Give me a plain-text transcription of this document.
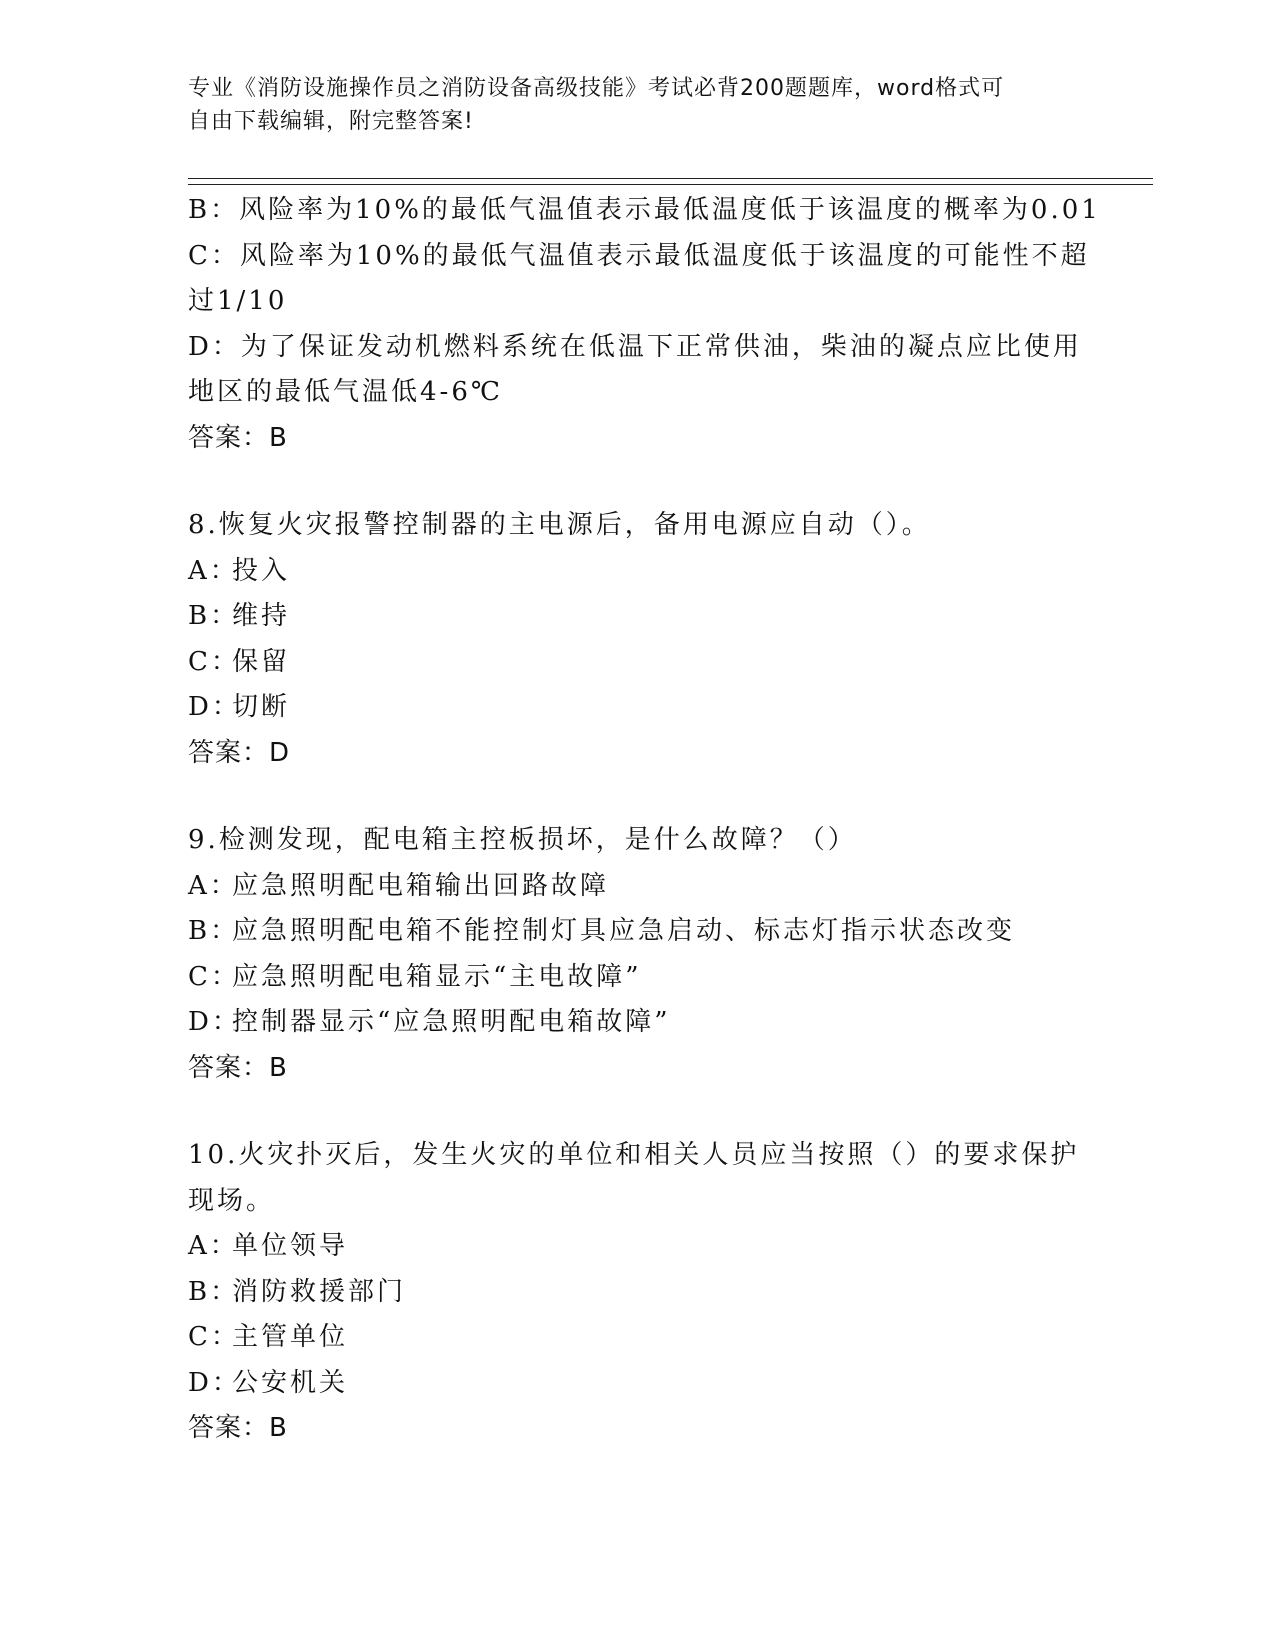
专业《消防设施操作员之消防设备高级技能》考试必背200题题库，word格式可
自由下载编辑，附完整答案!
B：风险率为10%的最低气温值表示最低温度低于该温度的概率为0.01
C：风险率为10%的最低气温值表示最低温度低于该温度的可能性不超
过1/10
D：为了保证发动机燃料系统在低温下正常供油，柴油的凝点应比使用
地区的最低气温低4-6℃
答案：B
8.恢复火灾报警控制器的主电源后，备用电源应自动（）。
A：投入
B：维持
C：保留
D：切断
答案：D
9.检测发现，配电箱主控板损坏，是什么故障？（）
A：应急照明配电箱输出回路故障
B：应急照明配电箱不能控制灯具应急启动、标志灯指示状态改变
C：应急照明配电箱显示“主电故障”
D：控制器显示“应急照明配电箱故障”
答案：B
10.火灾扑灭后，发生火灾的单位和相关人员应当按照（）的要求保护
现场。
A：单位领导
B：消防救援部门
C：主管单位
D：公安机关
答案：B
